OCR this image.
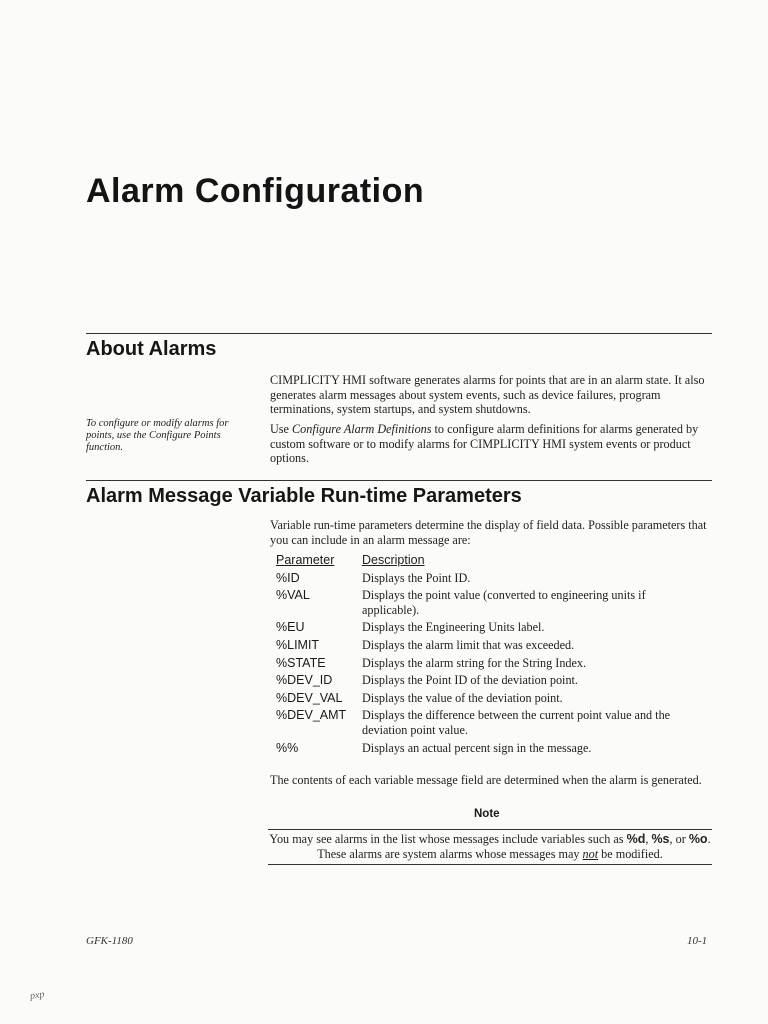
Alarm Configuration
About Alarms
CIMPLICITY HMI software generates alarms for points that are in an alarm state. It also generates alarm messages about system events, such as device failures, program terminations, system startups, and system shutdowns.
To configure or modify alarms for points, use the Configure Points function.
Use Configure Alarm Definitions to configure alarm definitions for alarms generated by custom software or to modify alarms for CIMPLICITY HMI system events or product options.
Alarm Message Variable Run-time Parameters
Variable run-time parameters determine the display of field data. Possible parameters that you can include in an alarm message are:
Parameter	Description
%ID	Displays the Point ID.
%VAL	Displays the point value (converted to engineering units if applicable).
%EU	Displays the Engineering Units label.
%LIMIT	Displays the alarm limit that was exceeded.
%STATE	Displays the alarm string for the String Index.
%DEV_ID	Displays the Point ID of the deviation point.
%DEV_VAL	Displays the value of the deviation point.
%DEV_AMT	Displays the difference between the current point value and the deviation point value.
%%	Displays an actual percent sign in the message.
The contents of each variable message field are determined when the alarm is generated.
Note
You may see alarms in the list whose messages include variables such as %d, %s, or %o. These alarms are system alarms whose messages may not be modified.
GFK-1180	10-1
pxp
